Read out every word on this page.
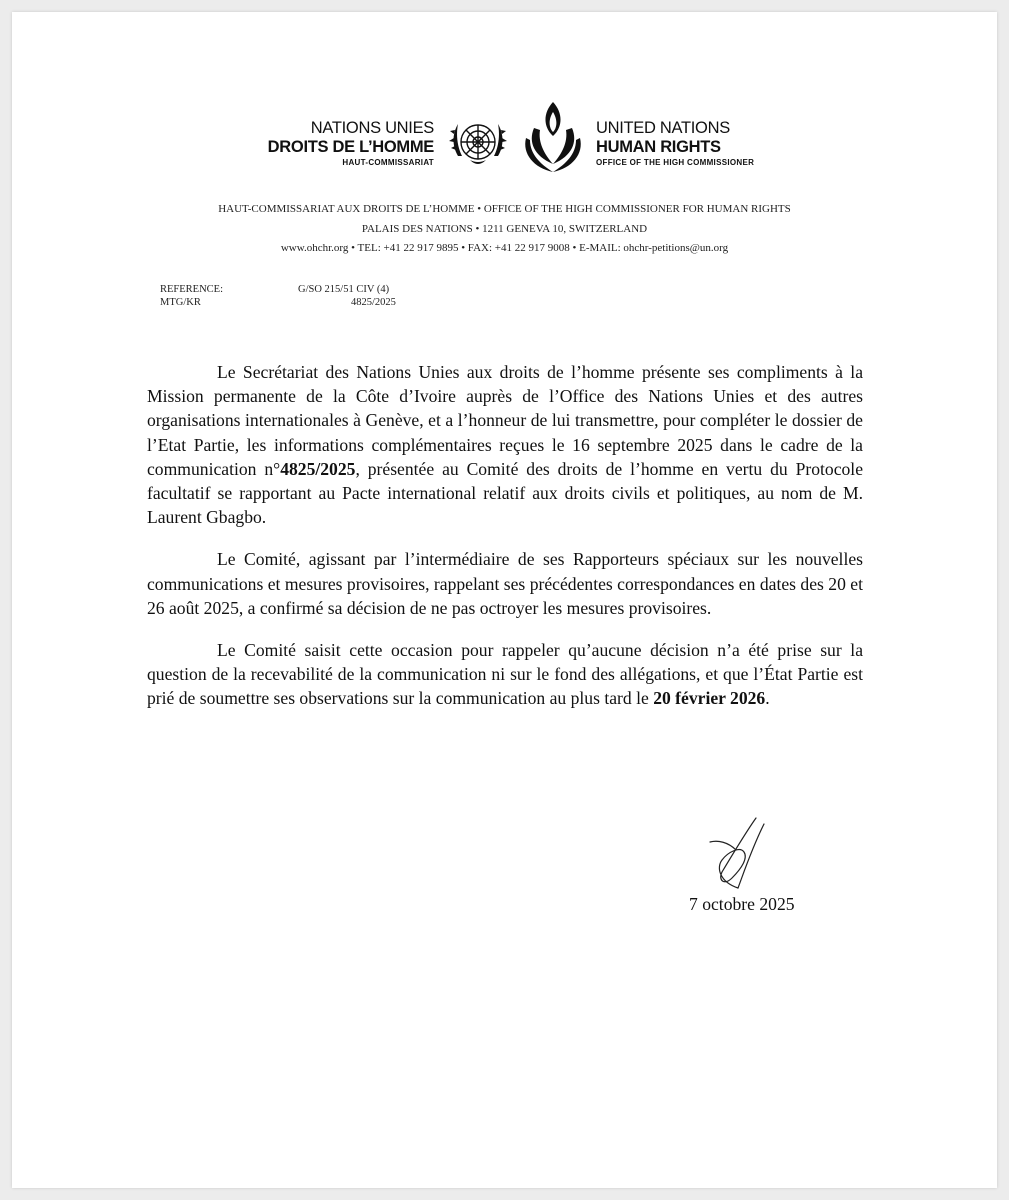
NATIONS UNIES
DROITS DE L’HOMME
HAUT-COMMISSARIAT
UNITED NATIONS
HUMAN RIGHTS
OFFICE OF THE HIGH COMMISSIONER
HAUT-COMMISSARIAT AUX DROITS DE L’HOMME • OFFICE OF THE HIGH COMMISSIONER FOR HUMAN RIGHTS
PALAIS DES NATIONS • 1211 GENEVA 10, SWITZERLAND
www.ohchr.org • TEL: +41 22 917 9895 • FAX: +41 22 917 9008 • E-MAIL: ohchr-petitions@un.org
REFERENCE:	G/SO 215/51 CIV (4)
MTG/KR	4825/2025

Le Secrétariat des Nations Unies aux droits de l’homme présente ses compliments à la Mission permanente de la Côte d’Ivoire auprès de l’Office des Nations Unies et des autres organisations internationales à Genève, et a l’honneur de lui transmettre, pour compléter le dossier de l’Etat Partie, les informations complémentaires reçues le 16 septembre 2025 dans le cadre de la communication n°4825/2025, présentée au Comité des droits de l’homme en vertu du Protocole facultatif se rapportant au Pacte international relatif aux droits civils et politiques, au nom de M. Laurent Gbagbo.

Le Comité, agissant par l’intermédiaire de ses Rapporteurs spéciaux sur les nouvelles communications et mesures provisoires, rappelant ses précédentes correspondances en dates des 20 et 26 août 2025, a confirmé sa décision de ne pas octroyer les mesures provisoires.

Le Comité saisit cette occasion pour rappeler qu’aucune décision n’a été prise sur la question de la recevabilité de la communication ni sur le fond des allégations, et que l’État Partie est prié de soumettre ses observations sur la communication au plus tard le 20 février 2026.

7 octobre 2025
